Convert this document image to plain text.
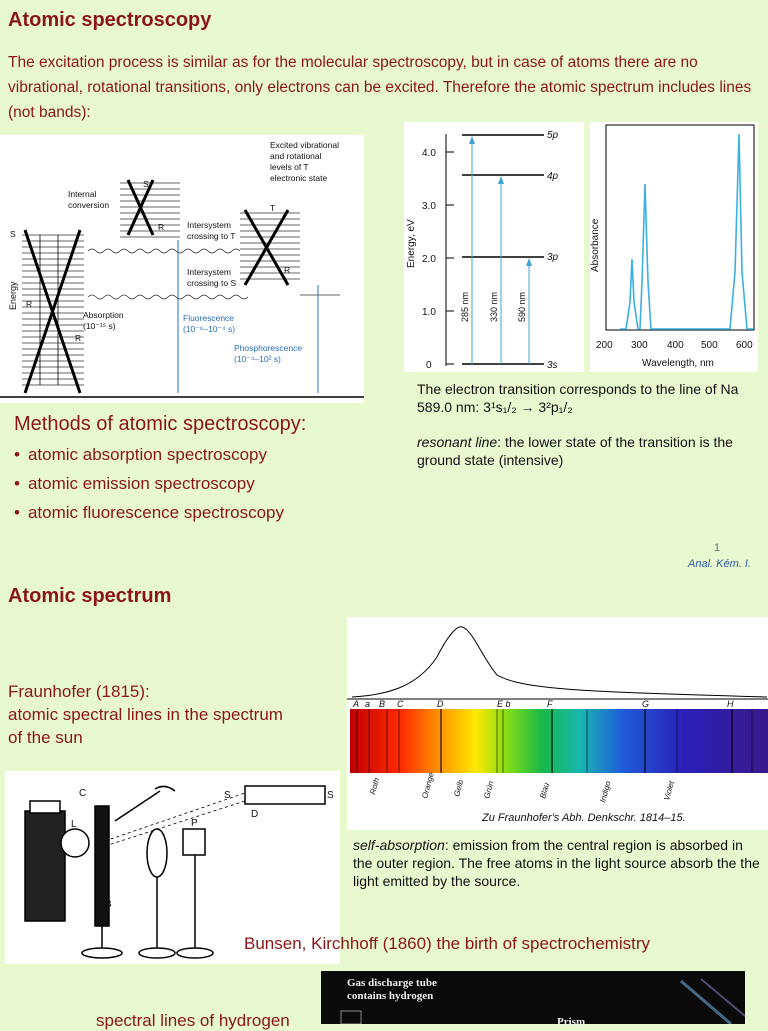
Atomic spectroscopy
The excitation process is similar as for the molecular spectroscopy, but in case of atoms there are no vibrational, rotational transitions, only electrons can be excited. Therefore the atomic spectrum includes lines (not bands):
Excited vibrational
and rotational
levels of T
electronic state
Internal
conversion
Intersystem
crossing to T
Intersystem
crossing to S
Absorption
(10⁻¹⁵ s)
S
S
T
R
R
R
R
Fluorescence
(10⁻⁶–10⁻⁴ s)
Phosphorescence
(10⁻⁴–10² s)
Energy
Energy, eV
0
1.0
2.0
3.0
4.0
3s
3p
4p
5p
285 nm 330 nm 590 nm
Absorbance
200 300 400 500 600
Wavelength, nm
The electron transition corresponds to the line of Na 589.0 nm: 3¹s₁/₂ → 3²p₁/₂
resonant line: the lower state of the transition is the ground state (intensive)
Methods of atomic spectroscopy:
• atomic absorption spectroscopy
• atomic emission spectroscopy
• atomic fluorescence spectroscopy
1
Anal. Kém. I.
Atomic spectrum
Fraunhofer (1815):
atomic spectral lines in the spectrum
of the sun
A a B C	D	E b	F	G	H
Roth	Orange Gelb Grün	Blau	Indigo	Violet
Zu Fraunhofer's Abh. Denkschr. 1814–15.
self-absorption: emission from the central region is absorbed in the outer region. The free atoms in the light source absorb the the light emitted by the source.
C
L
B
P
S
D
S
Bunsen, Kirchhoff (1860) the birth of spectrochemistry
spectral lines of hydrogen
Gas discharge tube
contains hydrogen
Prism
